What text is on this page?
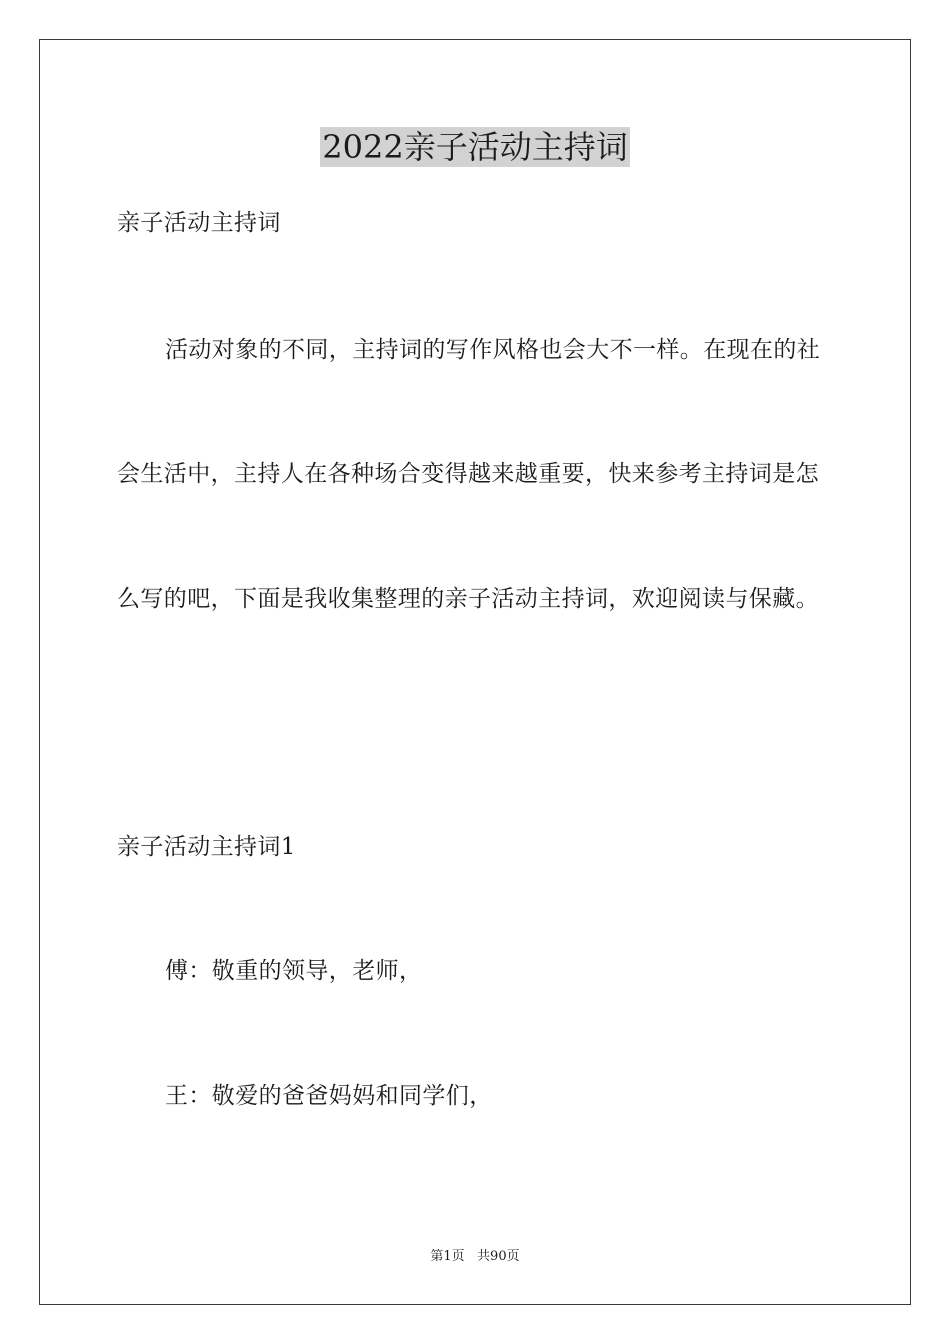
2022亲子活动主持词
亲子活动主持词
活动对象的不同，主持词的写作风格也会大不一样。在现在的社
会生活中，主持人在各种场合变得越来越重要，快来参考主持词是怎
么写的吧，下面是我收集整理的亲子活动主持词，欢迎阅读与保藏。
亲子活动主持词1
傅：敬重的领导，老师，
王：敬爱的爸爸妈妈和同学们，
第1页   共90页
